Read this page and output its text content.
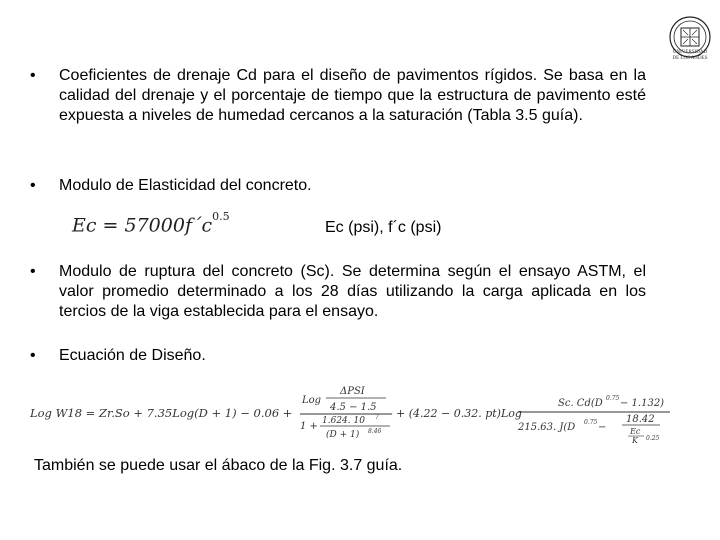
UNIVERSIDAD
DE LOS ANDES
•	Coeficientes de drenaje Cd para el diseño de pavimentos rígidos. Se basa en la calidad del drenaje y el porcentaje de tiempo que la estructura de pavimento esté expuesta a niveles de humedad cercanos a la saturación (Tabla 3.5 guía).
•	Modulo de Elasticidad del concreto.
$Ec = 57000f´c^{0.5}$
Ec (psi), f´c (psi)
•	Modulo de ruptura del concreto (Sc). Se determina según el ensayo ASTM, el valor promedio determinado a los 28 días utilizando la carga aplicada en los tercios de la viga establecida para el ensayo.
•	Ecuación de Diseño.
Log W18 = Zr.So + 7.35Log(D + 1) − 0.06 +
Log
ΔPSI
4.5 − 1.5
1 + 1.624. 10 7
(D + 1) 8.46
+ (4.22 − 0.32. pt)Log
Sc. Cd(D 0.75 − 1.132)
215.63. J(D 0.75 −
18.42
Ec
K 0.25
También se puede usar el ábaco de la Fig. 3.7 guía.
